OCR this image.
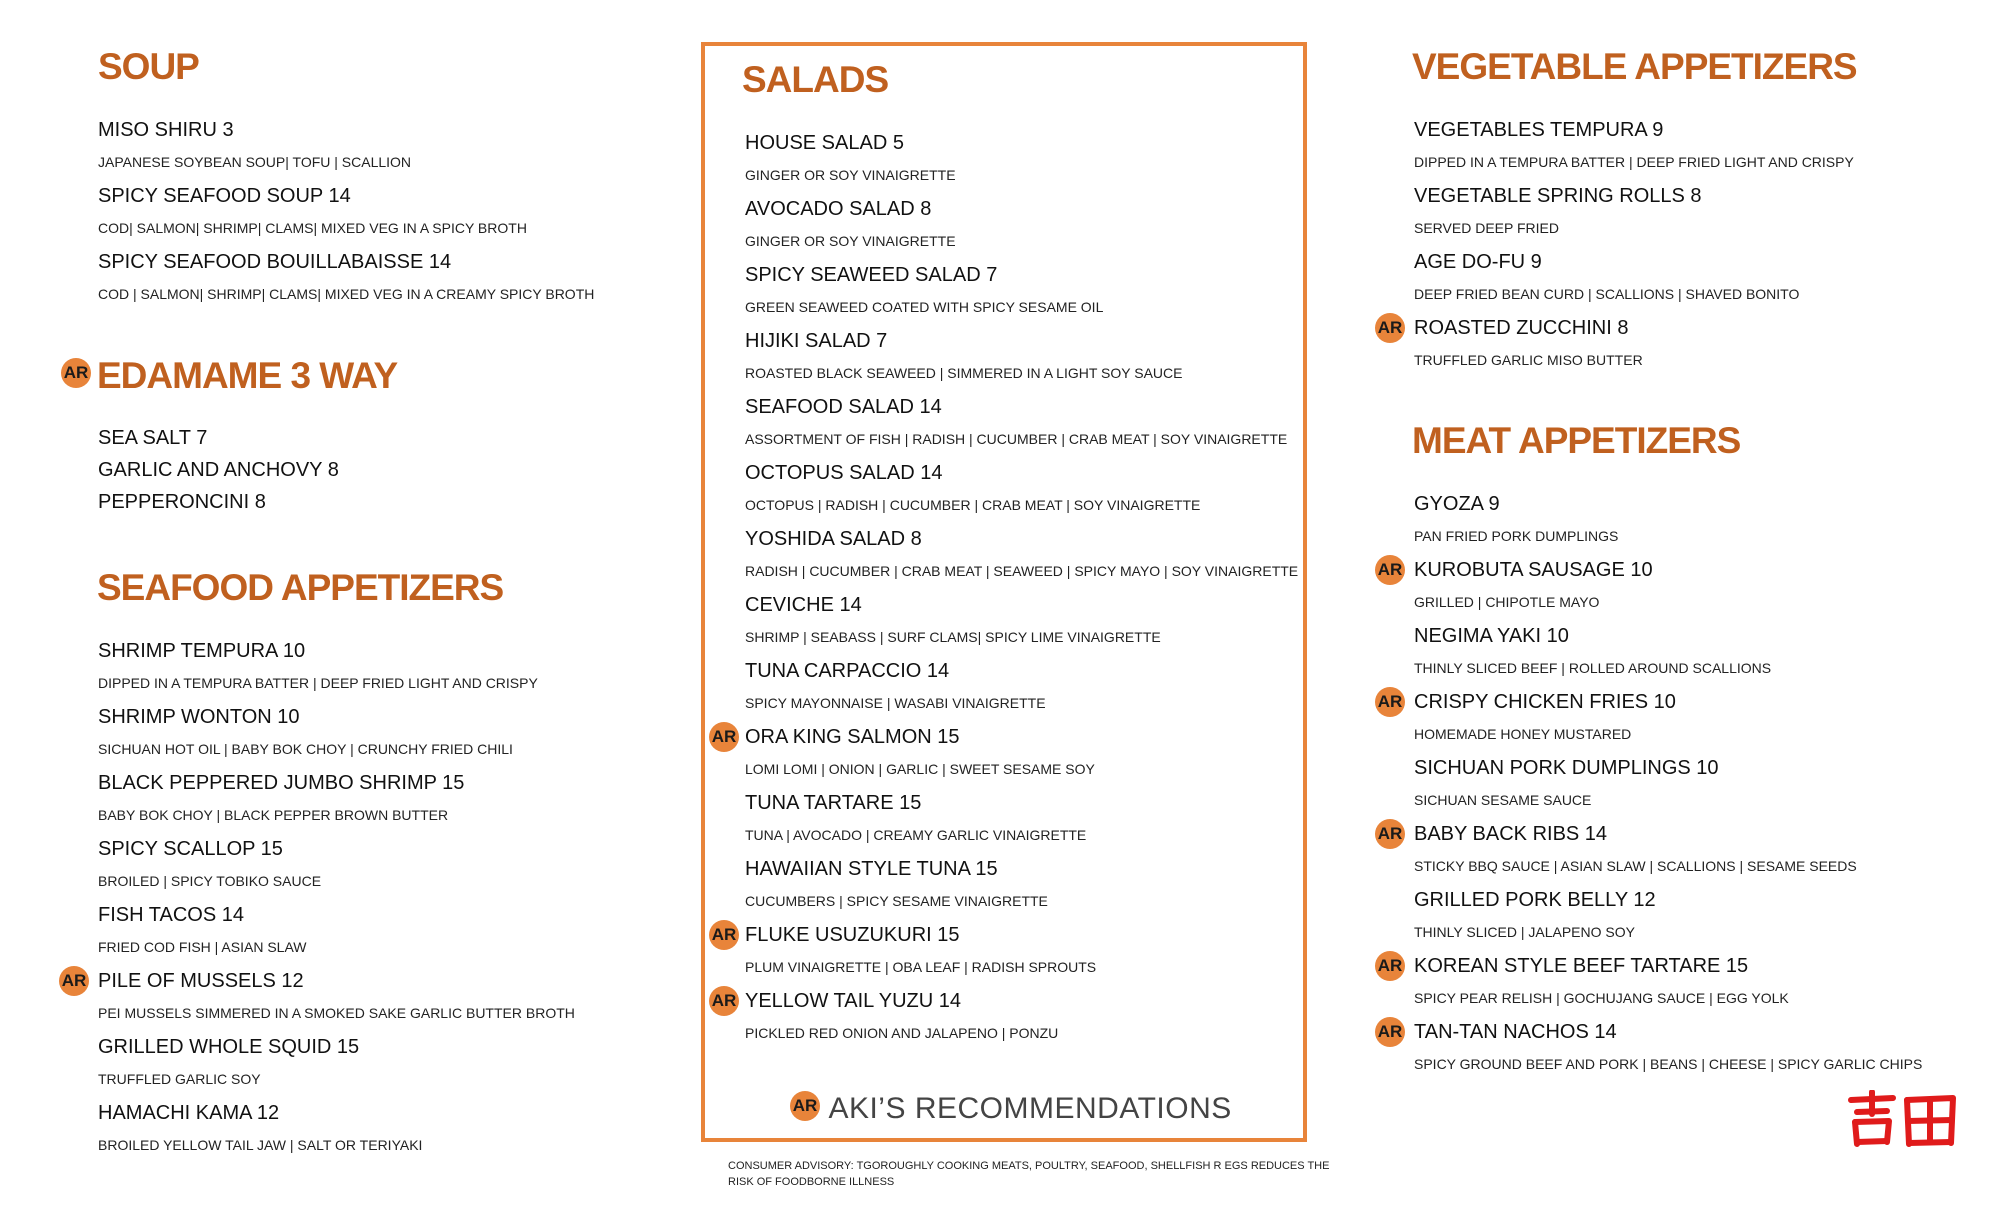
SOUP
MISO SHIRU 3
JAPANESE SOYBEAN SOUP| TOFU | SCALLION
SPICY SEAFOOD SOUP 14
COD| SALMON| SHRIMP| CLAMS| MIXED VEG IN A SPICY BROTH
SPICY SEAFOOD BOUILLABAISSE 14
COD | SALMON| SHRIMP| CLAMS| MIXED VEG IN A CREAMY SPICY BROTH
AR EDAMAME 3 WAY
SEA SALT 7
GARLIC AND ANCHOVY 8
PEPPERONCINI 8
SEAFOOD APPETIZERS
SHRIMP TEMPURA 10
DIPPED IN A TEMPURA BATTER | DEEP FRIED LIGHT AND CRISPY
SHRIMP WONTON 10
SICHUAN HOT OIL | BABY BOK CHOY | CRUNCHY FRIED CHILI
BLACK PEPPERED JUMBO SHRIMP 15
BABY BOK CHOY | BLACK PEPPER BROWN BUTTER
SPICY SCALLOP 15
BROILED | SPICY TOBIKO SAUCE
FISH TACOS 14
FRIED COD FISH | ASIAN SLAW
AR PILE OF MUSSELS 12
PEI MUSSELS SIMMERED IN A SMOKED SAKE GARLIC BUTTER BROTH
GRILLED WHOLE SQUID 15
TRUFFLED GARLIC SOY
HAMACHI KAMA 12
BROILED YELLOW TAIL JAW | SALT OR TERIYAKI
SALADS
HOUSE SALAD 5
GINGER OR SOY VINAIGRETTE
AVOCADO SALAD 8
GINGER OR SOY VINAIGRETTE
SPICY SEAWEED SALAD 7
GREEN SEAWEED COATED WITH SPICY SESAME OIL
HIJIKI SALAD 7
ROASTED BLACK SEAWEED | SIMMERED IN A LIGHT SOY SAUCE
SEAFOOD SALAD 14
ASSORTMENT OF FISH | RADISH | CUCUMBER | CRAB MEAT | SOY VINAIGRETTE
OCTOPUS SALAD 14
OCTOPUS | RADISH | CUCUMBER | CRAB MEAT | SOY VINAIGRETTE
YOSHIDA SALAD 8
RADISH | CUCUMBER | CRAB MEAT | SEAWEED | SPICY MAYO | SOY VINAIGRETTE
CEVICHE 14
SHRIMP | SEABASS | SURF CLAMS| SPICY LIME VINAIGRETTE
TUNA CARPACCIO 14
SPICY MAYONNAISE | WASABI VINAIGRETTE
AR ORA KING SALMON 15
LOMI LOMI | ONION | GARLIC | SWEET SESAME SOY
TUNA TARTARE 15
TUNA | AVOCADO | CREAMY GARLIC VINAIGRETTE
HAWAIIAN STYLE TUNA 15
CUCUMBERS | SPICY SESAME VINAIGRETTE
AR FLUKE USUZUKURI 15
PLUM VINAIGRETTE | OBA LEAF | RADISH SPROUTS
AR YELLOW TAIL YUZU 14
PICKLED RED ONION AND JALAPENO | PONZU
AR AKI’S RECOMMENDATIONS
CONSUMER ADVISORY: TGOROUGHLY COOKING MEATS, POULTRY, SEAFOOD, SHELLFISH R EGS REDUCES THE RISK OF FOODBORNE ILLNESS
VEGETABLE APPETIZERS
VEGETABLES TEMPURA 9
DIPPED IN A TEMPURA BATTER | DEEP FRIED LIGHT AND CRISPY
VEGETABLE SPRING ROLLS 8
SERVED DEEP FRIED
AGE DO-FU 9
DEEP FRIED BEAN CURD | SCALLIONS | SHAVED BONITO
AR ROASTED ZUCCHINI 8
TRUFFLED GARLIC MISO BUTTER
MEAT APPETIZERS
GYOZA 9
PAN FRIED PORK DUMPLINGS
AR KUROBUTA SAUSAGE 10
GRILLED | CHIPOTLE MAYO
NEGIMA YAKI 10
THINLY SLICED BEEF | ROLLED AROUND SCALLIONS
AR CRISPY CHICKEN FRIES 10
HOMEMADE HONEY MUSTARED
SICHUAN PORK DUMPLINGS 10
SICHUAN SESAME SAUCE
AR BABY BACK RIBS 14
STICKY BBQ SAUCE | ASIAN SLAW | SCALLIONS | SESAME SEEDS
GRILLED PORK BELLY 12
THINLY SLICED | JALAPENO SOY
AR KOREAN STYLE BEEF TARTARE 15
SPICY PEAR RELISH | GOCHUJANG SAUCE | EGG YOLK
AR TAN-TAN NACHOS 14
SPICY GROUND BEEF AND PORK | BEANS | CHEESE | SPICY GARLIC CHIPS
